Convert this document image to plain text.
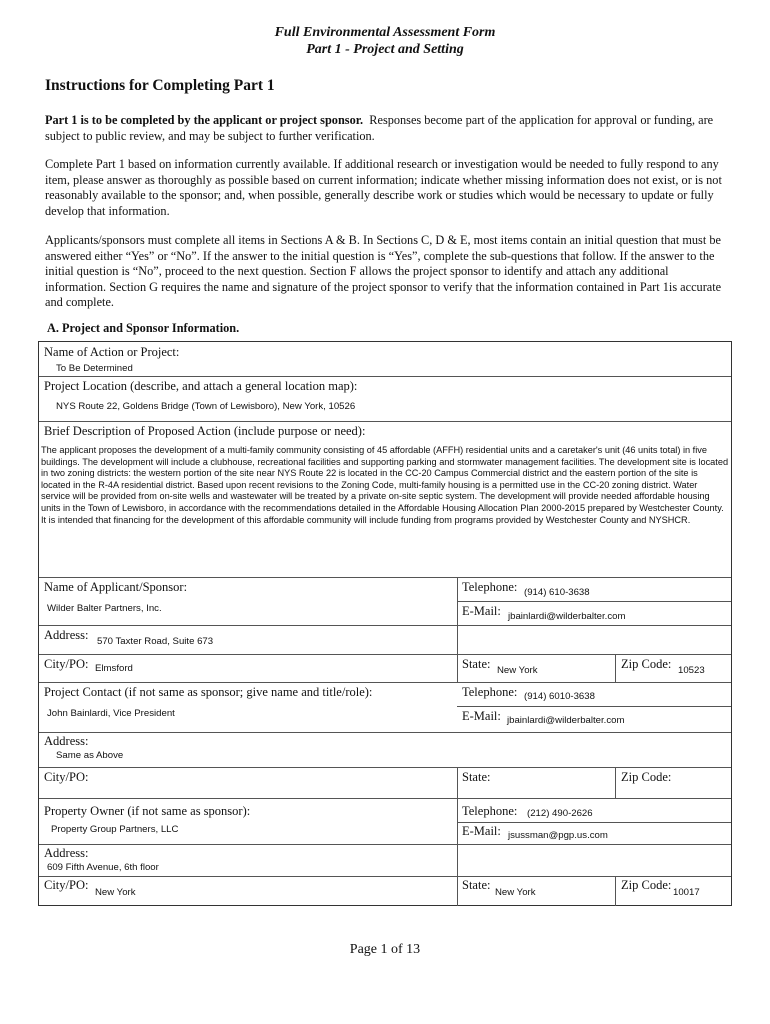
Full Environmental Assessment Form
Part 1 - Project and Setting
Instructions for Completing Part 1
Part 1 is to be completed by the applicant or project sponsor. Responses become part of the application for approval or funding, are subject to public review, and may be subject to further verification.
Complete Part 1 based on information currently available. If additional research or investigation would be needed to fully respond to any item, please answer as thoroughly as possible based on current information; indicate whether missing information does not exist, or is not reasonably available to the sponsor; and, when possible, generally describe work or studies which would be necessary to update or fully develop that information.
Applicants/sponsors must complete all items in Sections A & B. In Sections C, D & E, most items contain an initial question that must be answered either “Yes” or “No”. If the answer to the initial question is “Yes”, complete the sub-questions that follow. If the answer to the initial question is “No”, proceed to the next question. Section F allows the project sponsor to identify and attach any additional information. Section G requires the name and signature of the project sponsor to verify that the information contained in Part 1is accurate and complete.
A. Project and Sponsor Information.
Name of Action or Project:
To Be Determined
Project Location (describe, and attach a general location map):
NYS Route 22, Goldens Bridge (Town of Lewisboro), New York, 10526
Brief Description of Proposed Action (include purpose or need):
The applicant proposes the development of a multi-family community consisting of 45 affordable (AFFH) residential units and a caretaker's unit (46 units total) in five buildings. The development will include a clubhouse, recreational facilities and supporting parking and stormwater management facilities. The development site is located in two zoning districts: the western portion of the site near NYS Route 22 is located in the CC-20 Campus Commercial district and the eastern portion of the site is located in the R-4A residential district. Based upon recent revisions to the Zoning Code, multi-family housing is a permitted use in the CC-20 zoning district. Water service will be provided from on-site wells and wastewater will be treated by a private on-site septic system. The development will provide needed affordable housing units in the Town of Lewisboro, in accordance with the recommendations detailed in the Affordable Housing Allocation Plan 2000-2015 prepared by Westchester County. It is intended that financing for the development of this affordable community will include funding from programs provided by Westchester County and NYSHCR.
Name of Applicant/Sponsor:
Wilder Balter Partners, Inc.
Telephone: (914) 610-3638
E-Mail: jbainlardi@wilderbalter.com
Address: 570 Taxter Road, Suite 673
City/PO: Elmsford	State: New York	Zip Code: 10523
Project Contact (if not same as sponsor; give name and title/role):
John Bainlardi, Vice President
Telephone: (914) 6010-3638
E-Mail: jbainlardi@wilderbalter.com
Address:
Same as Above
City/PO:	State:	Zip Code:
Property Owner (if not same as sponsor):
Property Group Partners, LLC
Telephone: (212) 490-2626
E-Mail: jsussman@pgp.us.com
Address:
609 Fifth Avenue, 6th floor
City/PO:
New York
State:
New York
Zip Code:
10017
Page 1 of 13
